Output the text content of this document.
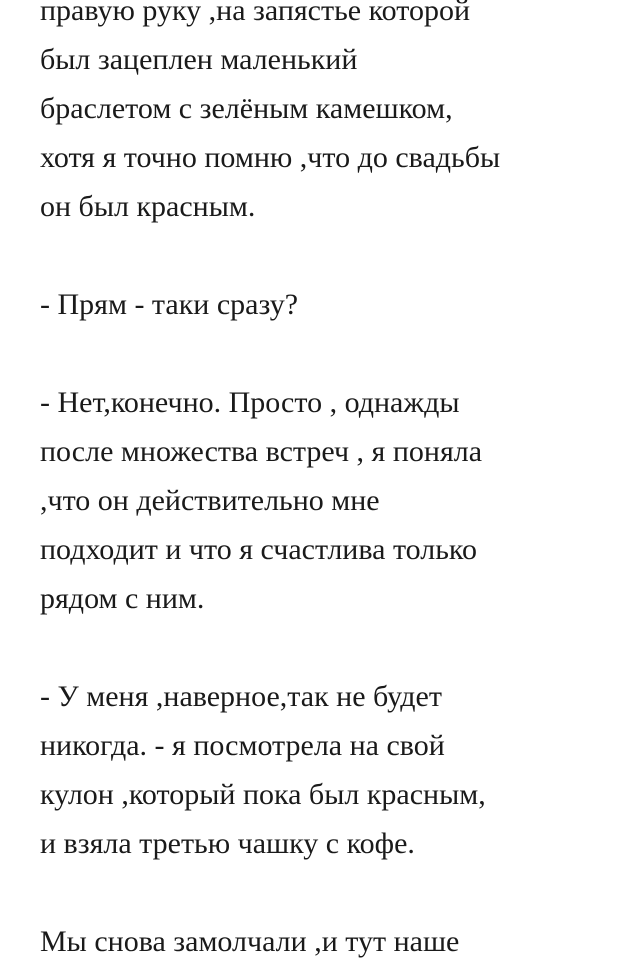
правую руку ,на запястье которой
был зацеплен маленький
браслетом с зелёным камешком,
хотя я точно помню ,что до свадьбы
он был красным.

- Прям - таки сразу?

- Нет,конечно. Просто , однажды
после множества встреч , я поняла
,что он действительно мне
подходит и что я счастлива только
рядом с ним.

- У меня ,наверное,так не будет
никогда. - я посмотрела на свой
кулон ,который пока был красным,
и взяла третью чашку с кофе.

Мы снова замолчали ,и тут наше
